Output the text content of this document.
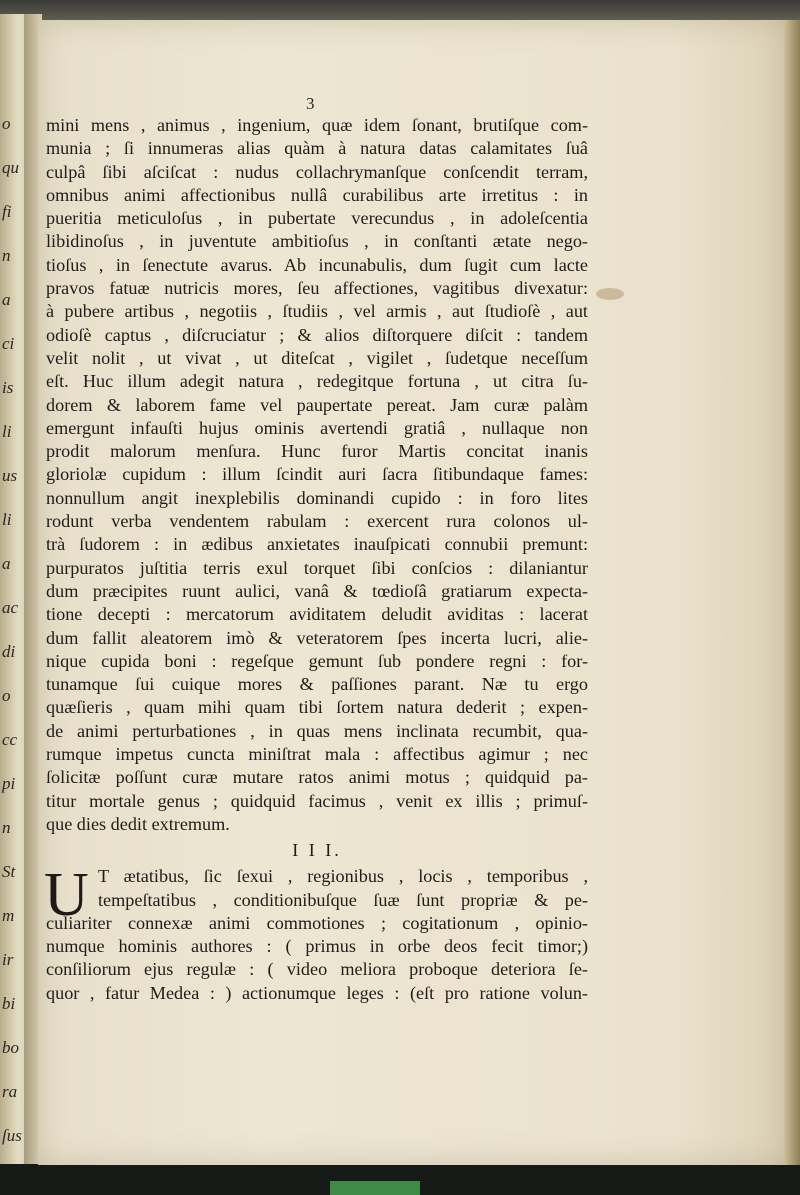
o
qu
fi
n
a
ci
is
li
us
li
a
ac
di
o
cc
pi
n
St
m
ir
bi
bo
ra
ſus
3
mini mens , animus , ingenium, quæ idem ſonant, brutiſque com-
munia ; ſi innumeras alias quàm à natura datas calamitates ſuâ
culpâ ſibi aſciſcat : nudus collachrymanſque conſcendit terram,
omnibus animi affectionibus nullâ curabilibus arte irretitus : in
pueritia meticuloſus , in pubertate verecundus , in adoleſcentia
libidinoſus , in juventute ambitioſus , in conſtanti ætate nego-
tioſus , in ſenectute avarus. Ab incunabulis, dum ſugit cum lacte
pravos fatuæ nutricis mores, ſeu affectiones, vagitibus divexatur:
à pubere artibus , negotiis , ſtudiis , vel armis , aut ſtudioſè , aut
odioſè captus , diſcruciatur ; & alios diſtorquere diſcit : tandem
velit nolit , ut vivat , ut diteſcat , vigilet , ſudetque neceſſum
eſt. Huc illum adegit natura , redegitque fortuna , ut citra ſu-
dorem & laborem fame vel paupertate pereat. Jam curæ palàm
emergunt infauſti hujus ominis avertendi gratiâ , nullaque non
prodit malorum menſura. Hunc furor Martis concitat inanis
gloriolæ cupidum : illum ſcindit auri ſacra ſitibundaque fames:
nonnullum angit inexplebilis dominandi cupido : in foro lites
rodunt verba vendentem rabulam : exercent rura colonos ul-
trà ſudorem : in ædibus anxietates inauſpicati connubii premunt:
purpuratos juſtitia terris exul torquet ſibi conſcios : dilaniantur
dum præcipites ruunt aulici, vanâ & tœdioſâ gratiarum expecta-
tione decepti : mercatorum aviditatem deludit aviditas : lacerat
dum fallit aleatorem imò & veteratorem ſpes incerta lucri, alie-
nique cupida boni : regeſque gemunt ſub pondere regni : for-
tunamque ſui cuique mores & paſſiones parant. Næ tu ergo
quæſieris , quam mihi quam tibi ſortem natura dederit ; expen-
de animi perturbationes , in quas mens inclinata recumbit, qua-
rumque impetus cuncta miniſtrat mala : affectibus agimur ; nec
ſolicitæ poſſunt curæ mutare ratos animi motus ; quidquid pa-
titur mortale genus ; quidquid facimus , venit ex illis ; primuſ-
que dies dedit extremum.
I I I.
U T ætatibus, ſic ſexui , regionibus , locis , temporibus ,
tempeſtatibus , conditionibuſque ſuæ ſunt propriæ & pe-
culiariter connexæ animi commotiones ; cogitationum , opinio-
numque hominis authores : ( primus in orbe deos fecit timor;)
conſiliorum ejus regulæ : ( video meliora proboque deteriora ſe-
quor , fatur Medea : ) actionumque leges : (eſt pro ratione volun-
